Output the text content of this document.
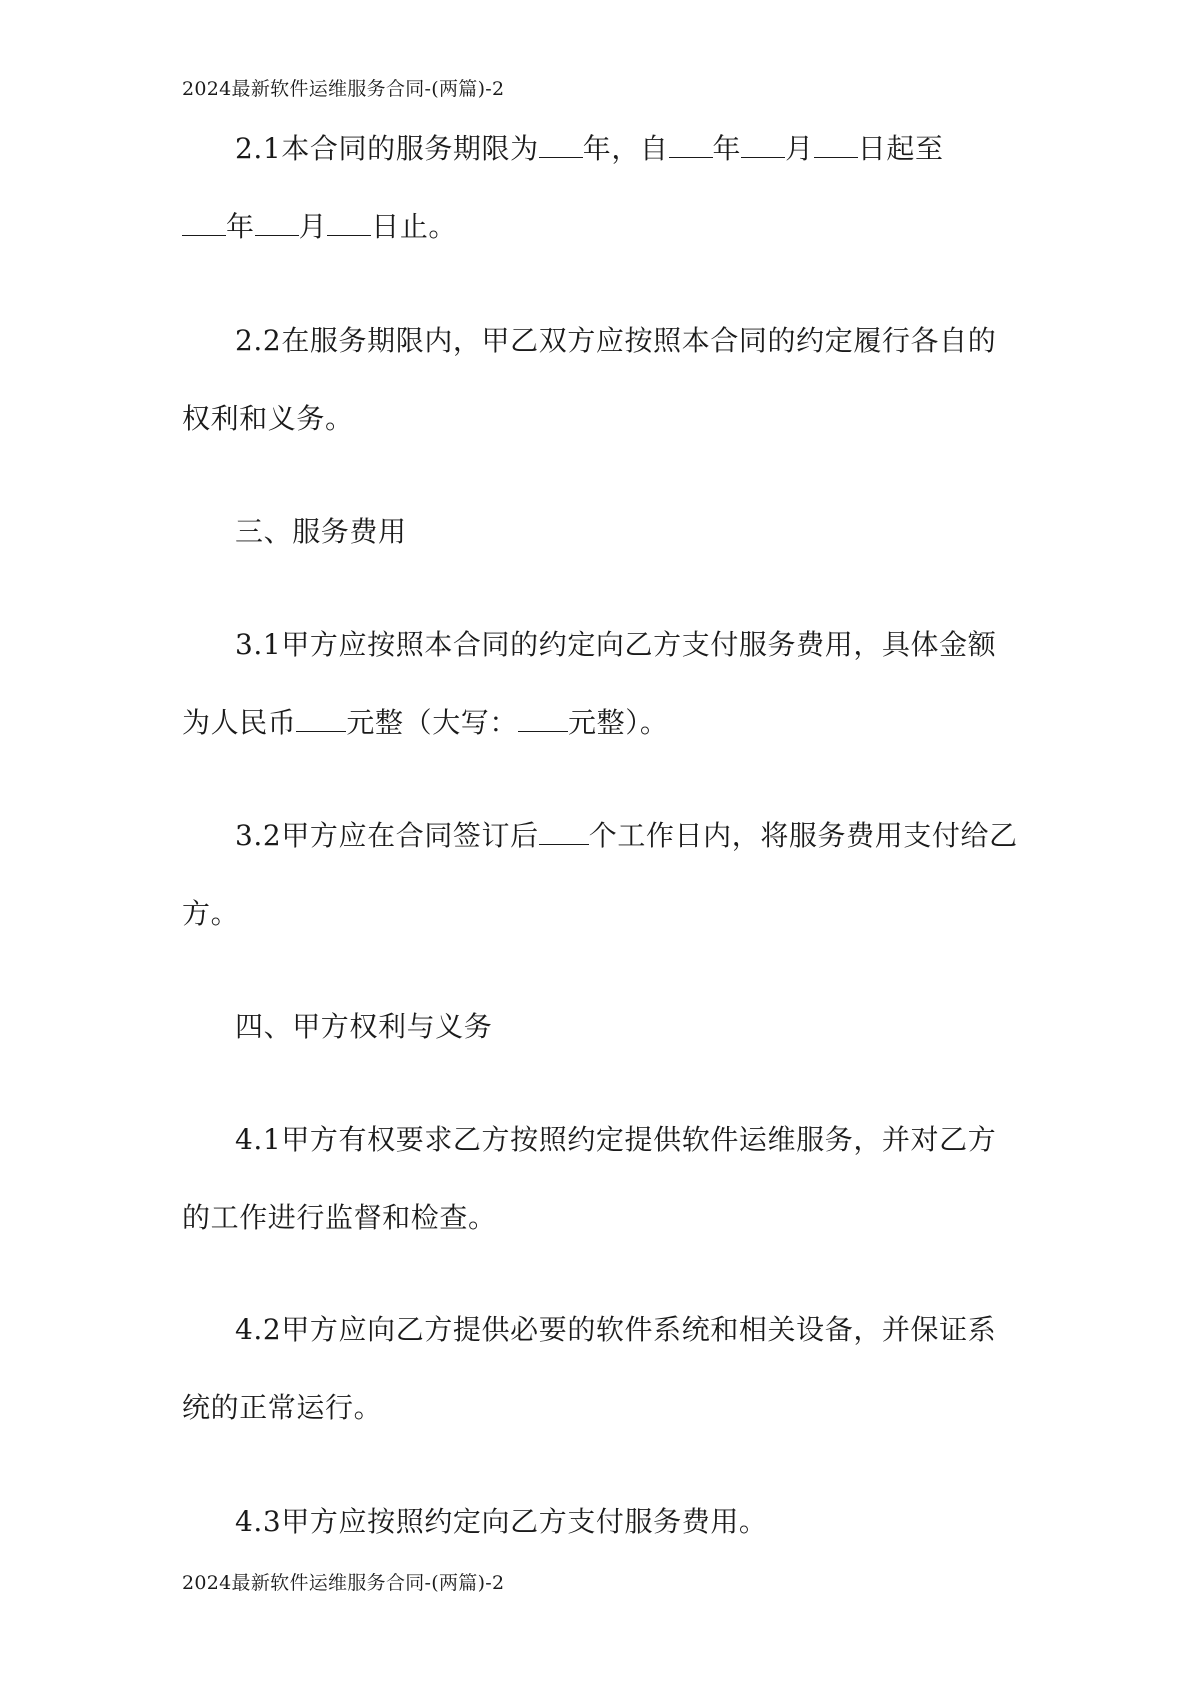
2024最新软件运维服务合同-(两篇)-2
2.1本合同的服务期限为 年，自 年 月 日起至
年 月 日止。
2.2在服务期限内，甲乙双方应按照本合同的约定履行各自的
权利和义务。
三、服务费用
3.1甲方应按照本合同的约定向乙方支付服务费用，具体金额
为人民币 元整（大写： 元整）。
3.2甲方应在合同签订后 个工作日内，将服务费用支付给乙
方。
四、甲方权利与义务
4.1甲方有权要求乙方按照约定提供软件运维服务，并对乙方
的工作进行监督和检查。
4.2甲方应向乙方提供必要的软件系统和相关设备，并保证系
统的正常运行。
4.3甲方应按照约定向乙方支付服务费用。
2024最新软件运维服务合同-(两篇)-2
